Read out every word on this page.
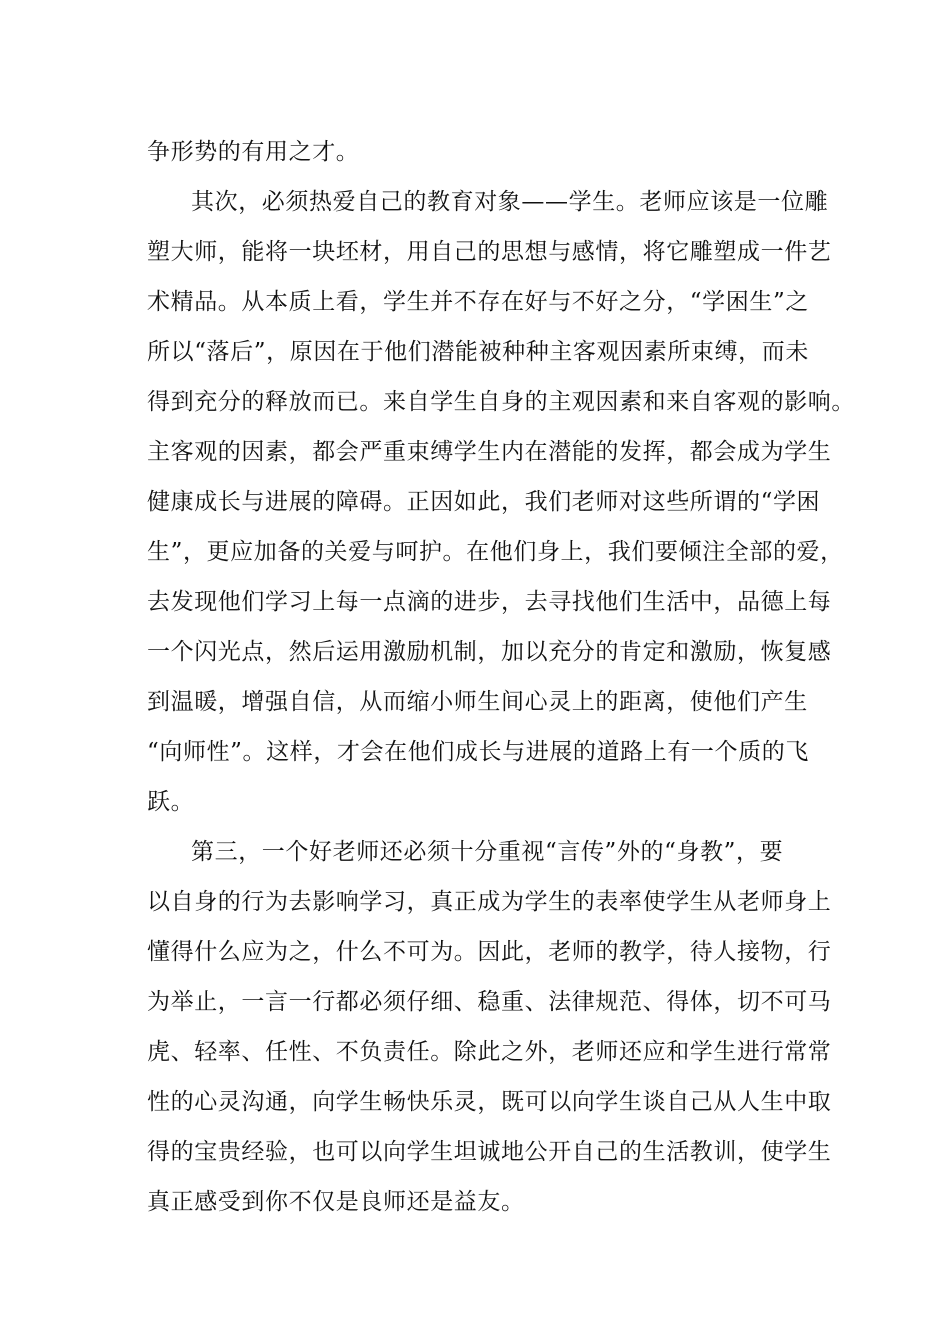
争形势的有用之才。
其次，必须热爱自己的教育对象——学生。老师应该是一位雕
塑大师，能将一块坯材，用自己的思想与感情，将它雕塑成一件艺
术精品。从本质上看，学生并不存在好与不好之分，“学困生”之
所以“落后”，原因在于他们潜能被种种主客观因素所束缚，而未
得到充分的释放而已。来自学生自身的主观因素和来自客观的影响。
主客观的因素，都会严重束缚学生内在潜能的发挥，都会成为学生
健康成长与进展的障碍。正因如此，我们老师对这些所谓的“学困
生”，更应加备的关爱与呵护。在他们身上，我们要倾注全部的爱，
去发现他们学习上每一点滴的进步，去寻找他们生活中，品德上每
一个闪光点，然后运用激励机制，加以充分的肯定和激励，恢复感
到温暖，增强自信，从而缩小师生间心灵上的距离，使他们产生
“向师性”。这样，才会在他们成长与进展的道路上有一个质的飞
跃。
第三，一个好老师还必须十分重视“言传”外的“身教”，要
以自身的行为去影响学习，真正成为学生的表率使学生从老师身上
懂得什么应为之，什么不可为。因此，老师的教学，待人接物，行
为举止，一言一行都必须仔细、稳重、法律规范、得体，切不可马
虎、轻率、任性、不负责任。除此之外，老师还应和学生进行常常
性的心灵沟通，向学生畅快乐灵，既可以向学生谈自己从人生中取
得的宝贵经验，也可以向学生坦诚地公开自己的生活教训，使学生
真正感受到你不仅是良师还是益友。
